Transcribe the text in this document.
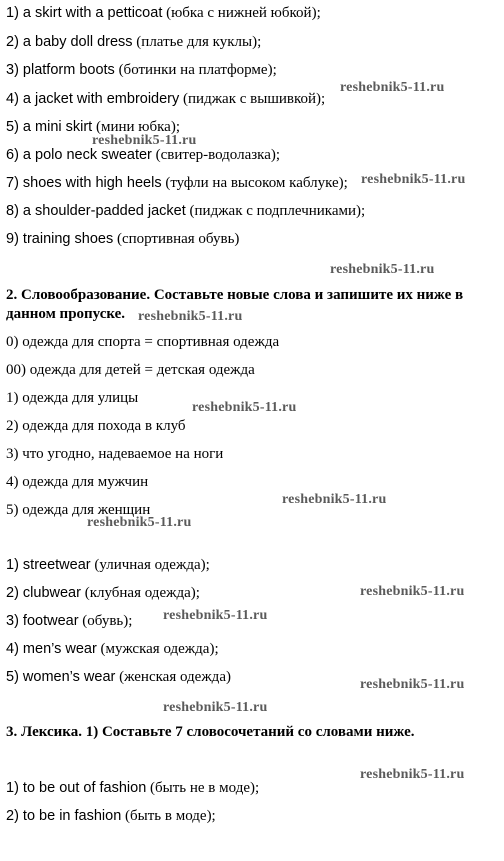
1) a skirt with a petticoat (юбка с нижней юбкой);
2) a baby doll dress (платье для куклы);
3) platform boots (ботинки на платформе);
4) a jacket with embroidery (пиджак с вышивкой);
5) a mini skirt (мини юбка);
6) a polo neck sweater (свитер-водолазка);
7) shoes with high heels (туфли на высоком каблуке);
8) a shoulder-padded jacket (пиджак с подплечниками);
9) training shoes (спортивная обувь)
2. Словообразование. Составьте новые слова и запишите их ниже в
данном пропуске.
0) одежда для спорта = спортивная одежда
00) одежда для детей = детская одежда
1) одежда для улицы
2) одежда для похода в клуб
3) что угодно, надеваемое на ноги
4) одежда для мужчин
5) одежда для женщин
1) streetwear (уличная одежда);
2) clubwear (клубная одежда);
3) footwear (обувь);
4) men’s wear (мужская одежда);
5) women’s wear (женская одежда)
3. Лексика. 1) Составьте 7 словосочетаний со словами ниже.
1) to be out of fashion (быть не в моде);
2) to be in fashion (быть в моде);
reshebnik5-11.ru
reshebnik5-11.ru
reshebnik5-11.ru
reshebnik5-11.ru
reshebnik5-11.ru
reshebnik5-11.ru
reshebnik5-11.ru
reshebnik5-11.ru
reshebnik5-11.ru
reshebnik5-11.ru
reshebnik5-11.ru
reshebnik5-11.ru
reshebnik5-11.ru
